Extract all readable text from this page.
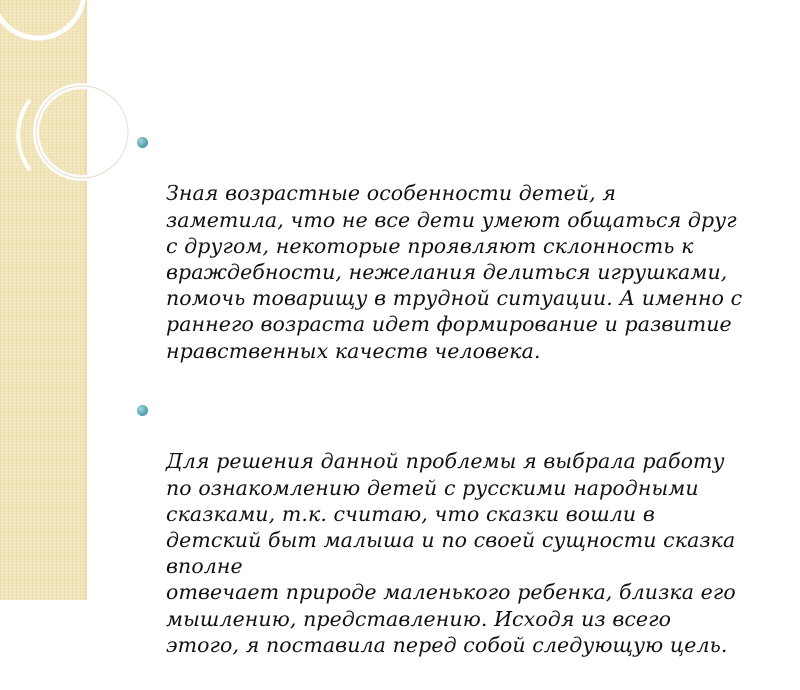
Зная возрастные особенности детей, я
заметила, что не все дети умеют общаться друг
с другом, некоторые проявляют склонность к
враждебности, нежелания делиться игрушками,
помочь товарищу в трудной ситуации. А именно с
раннего возраста идет формирование и развитие
нравственных качеств человека.

Для решения данной проблемы я выбрала работу
по ознакомлению детей с русскими народными
сказками, т.к. считаю, что сказки вошли в
детский быт малыша и по своей сущности сказка вполне
отвечает природе маленького ребенка, близка его
мышлению, представлению. Исходя из всего
этого, я поставила перед собой следующую цель.
